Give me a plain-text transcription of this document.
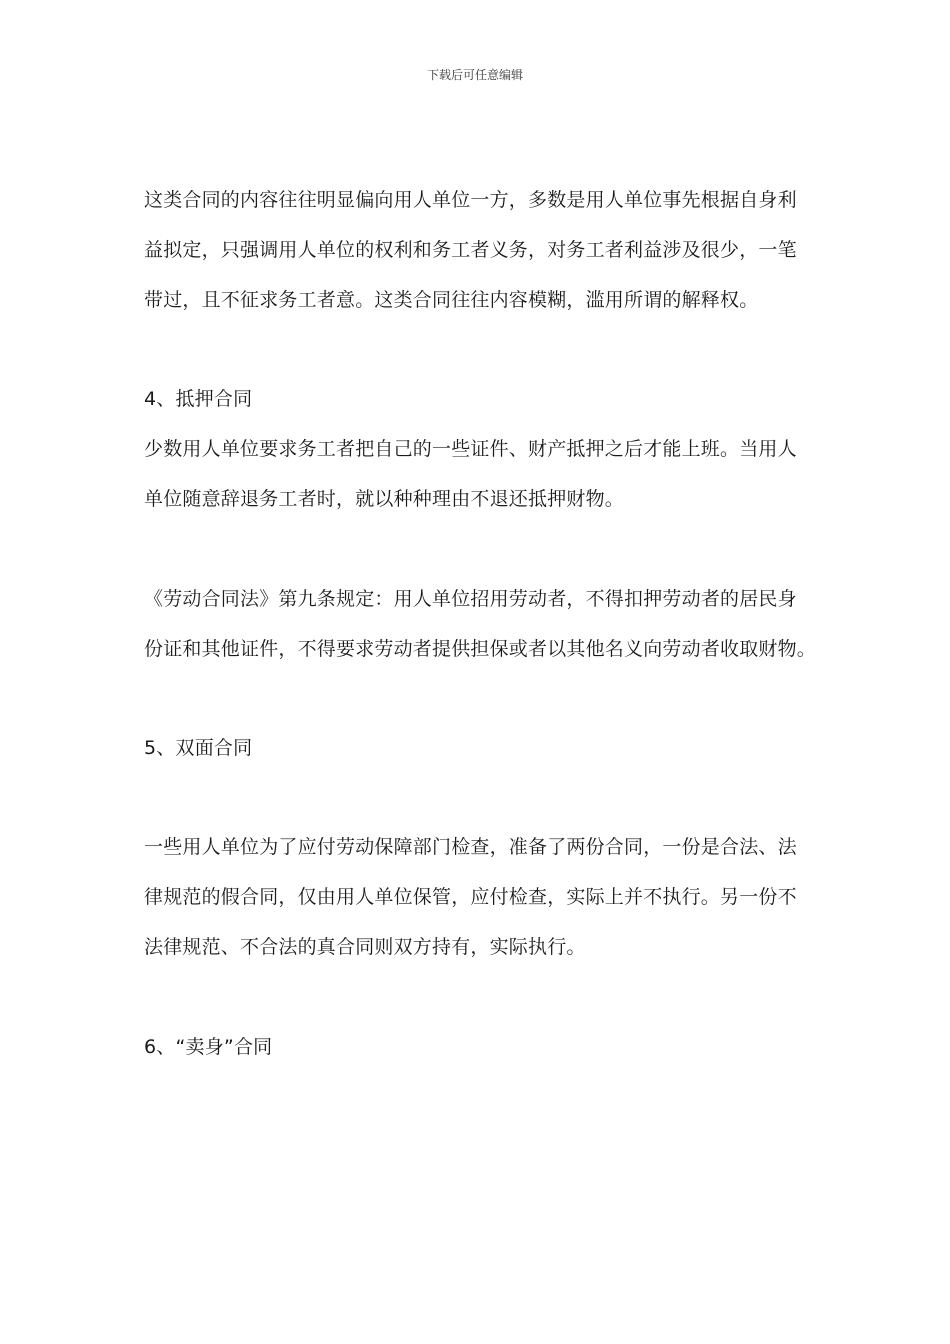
下载后可任意编辑
这类合同的内容往往明显偏向用人单位一方，多数是用人单位事先根据自身利
益拟定，只强调用人单位的权利和务工者义务，对务工者利益涉及很少，一笔
带过，且不征求务工者意。这类合同往往内容模糊，滥用所谓的解释权。
4、抵押合同
少数用人单位要求务工者把自己的一些证件、财产抵押之后才能上班。当用人
单位随意辞退务工者时，就以种种理由不退还抵押财物。
《劳动合同法》第九条规定：用人单位招用劳动者，不得扣押劳动者的居民身
份证和其他证件，不得要求劳动者提供担保或者以其他名义向劳动者收取财物。
5、双面合同
一些用人单位为了应付劳动保障部门检查，准备了两份合同，一份是合法、法
律规范的假合同，仅由用人单位保管，应付检查，实际上并不执行。另一份不
法律规范、不合法的真合同则双方持有，实际执行。
6、“卖身”合同
